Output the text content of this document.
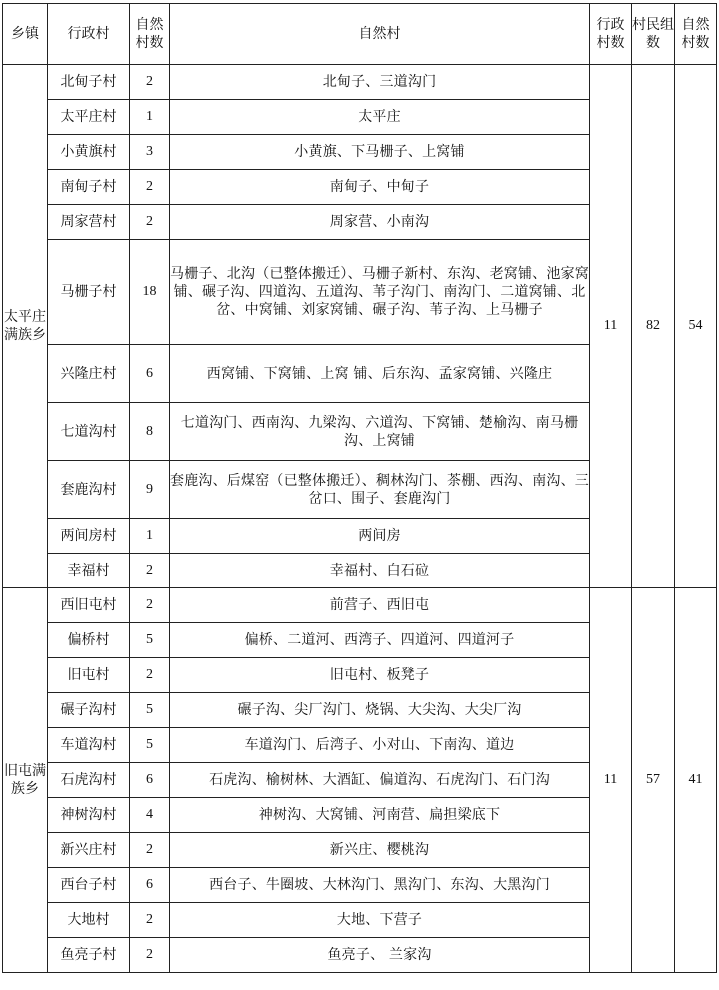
乡镇	行政村	自然村数	自然村	行政村数	村民组数	自然村数
太平庄满族乡	北甸子村	2	北甸子、三道沟门	11	82	54
	太平庄村	1	太平庄			
	小黄旗村	3	小黄旗、下马栅子、上窝铺			
	南甸子村	2	南甸子、中甸子			
	周家营村	2	周家营、小南沟			
	马栅子村	18	马栅子、北沟（已整体搬迁）、马栅子新村、东沟、老窝铺、池家窝铺、碾子沟、四道沟、五道沟、苇子沟门、南沟门、二道窝铺、北岔、中窝铺、刘家窝铺、碾子沟、苇子沟、上马栅子			
	兴隆庄村	6	西窝铺、下窝铺、上窝 铺、后东沟、孟家窝铺、兴隆庄			
	七道沟村	8	七道沟门、西南沟、九梁沟、六道沟、下窝铺、楚榆沟、南马栅沟、上窝铺			
	套鹿沟村	9	套鹿沟、后煤窑（已整体搬迁）、稠林沟门、茶棚、西沟、南沟、三岔口、围子、套鹿沟门			
	两间房村	1	两间房			
	幸福村	2	幸福村、白石砬			
旧屯满族乡	西旧屯村	2	前营子、西旧屯	11	57	41
	偏桥村	5	偏桥、二道河、西湾子、四道河、四道河子			
	旧屯村	2	旧屯村、板凳子			
	碾子沟村	5	碾子沟、尖厂沟门、烧锅、大尖沟、大尖厂沟			
	车道沟村	5	车道沟门、后湾子、小对山、下南沟、道边			
	石虎沟村	6	石虎沟、榆树林、大酒缸、偏道沟、石虎沟门、石门沟			
	神树沟村	4	神树沟、大窝铺、河南营、扁担梁底下			
	新兴庄村	2	新兴庄、樱桃沟			
	西台子村	6	西台子、牛圈坡、大林沟门、黑沟门、东沟、大黑沟门			
	大地村	2	大地、下营子			
	鱼亮子村	2	鱼亮子、 兰家沟			
